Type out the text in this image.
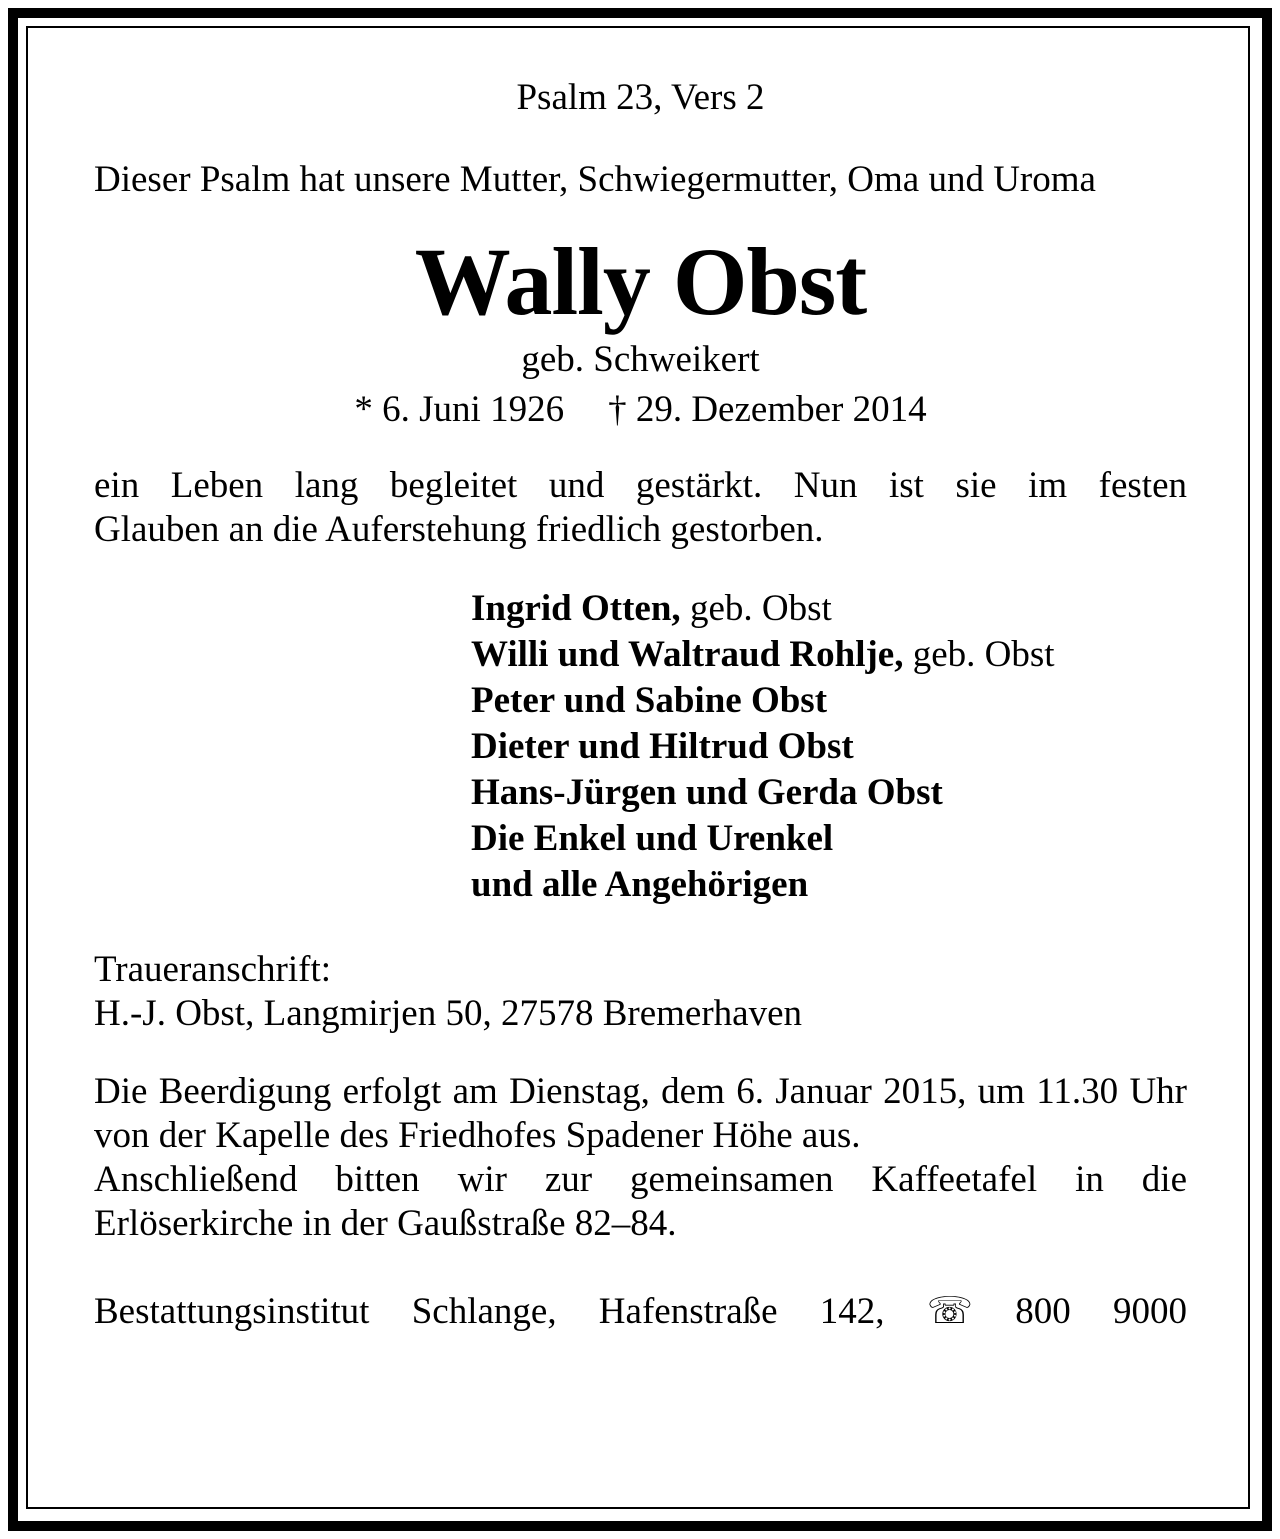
Psalm 23, Vers 2

Dieser Psalm hat unsere Mutter, Schwiegermutter, Oma und Uroma

Wally Obst

geb. Schweikert

* 6. Juni 1926 † 29. Dezember 2014

ein Leben lang begleitet und gestärkt. Nun ist sie im festen

Glauben an die Auferstehung friedlich gestorben.

Ingrid Otten, geb. Obst
Willi und Waltraud Rohlje, geb. Obst
Peter und Sabine Obst
Dieter und Hiltrud Obst
Hans-Jürgen und Gerda Obst
Die Enkel und Urenkel
und alle Angehörigen

Traueranschrift:

H.-J. Obst, Langmirjen 50, 27578 Bremerhaven

Die Beerdigung erfolgt am Dienstag, dem 6. Januar 2015, um 11.30 Uhr von der Kapelle des Friedhofes Spadener Höhe aus.

Anschließend bitten wir zur gemeinsamen Kaffeetafel in die Erlöserkirche in der Gaußstraße 82–84.

Bestattungsinstitut Schlange, Hafenstraße 142, ☏ 800 9000
